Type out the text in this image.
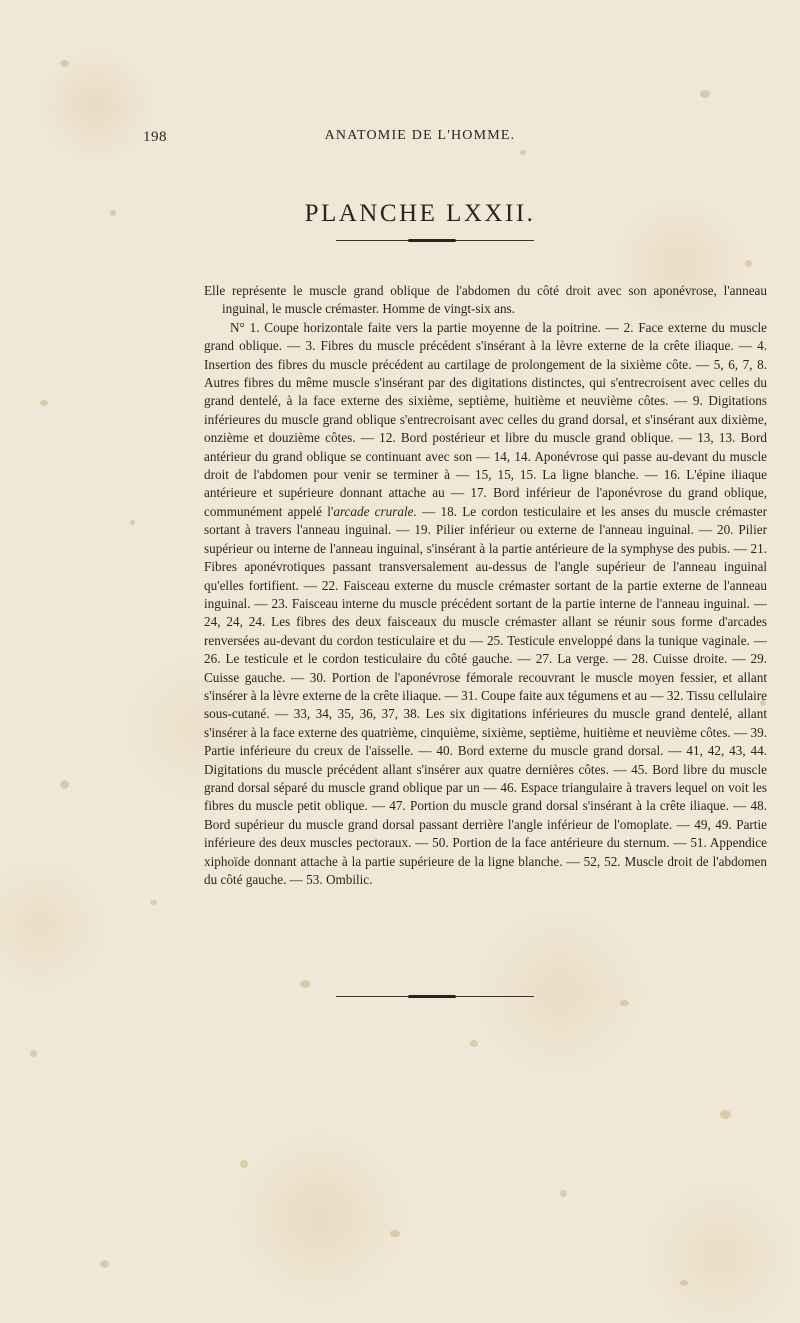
198	ANATOMIE DE L'HOMME.
PLANCHE LXXII.

Elle représente le muscle grand oblique de l'abdomen du côté droit avec son aponévrose, l'anneau inguinal, le muscle crémaster. Homme de vingt-six ans.

N° 1. Coupe horizontale faite vers la partie moyenne de la poitrine. — 2. Face externe du muscle grand oblique. — 3. Fibres du muscle précédent s'insérant à la lèvre externe de la crête iliaque. — 4. Insertion des fibres du muscle précédent au cartilage de prolongement de la sixième côte. — 5, 6, 7, 8. Autres fibres du même muscle s'insérant par des digitations distinctes, qui s'entrecroisent avec celles du grand dentelé, à la face externe des sixième, septième, huitième et neuvième côtes. — 9. Digitations inférieures du muscle grand oblique s'entrecroisant avec celles du grand dorsal, et s'insérant aux dixième, onzième et douzième côtes. — 12. Bord postérieur et libre du muscle grand oblique. — 13, 13. Bord antérieur du grand oblique se continuant avec son — 14, 14. Aponévrose qui passe au-devant du muscle droit de l'abdomen pour venir se terminer à — 15, 15, 15. La ligne blanche. — 16. L'épine iliaque antérieure et supérieure donnant attache au — 17. Bord inférieur de l'aponévrose du grand oblique, communément appelé l'arcade crurale. — 18. Le cordon testiculaire et les anses du muscle crémaster sortant à travers l'anneau inguinal. — 19. Pilier inférieur ou externe de l'anneau inguinal. — 20. Pilier supérieur ou interne de l'anneau inguinal, s'insérant à la partie antérieure de la symphyse des pubis. — 21. Fibres aponévrotiques passant transversalement au-dessus de l'angle supérieur de l'anneau inguinal qu'elles fortifient. — 22. Faisceau externe du muscle crémaster sortant de la partie externe de l'anneau inguinal. — 23. Faisceau interne du muscle précédent sortant de la partie interne de l'anneau inguinal. — 24, 24, 24. Les fibres des deux faisceaux du muscle crémaster allant se réunir sous forme d'arcades renversées au-devant du cordon testiculaire et du — 25. Testicule enveloppé dans la tunique vaginale. — 26. Le testicule et le cordon testiculaire du côté gauche. — 27. La verge. — 28. Cuisse droite. — 29. Cuisse gauche. — 30. Portion de l'aponévrose fémorale recouvrant le muscle moyen fessier, et allant s'insérer à la lèvre externe de la crête iliaque. — 31. Coupe faite aux tégumens et au — 32. Tissu cellulaire sous-cutané. — 33, 34, 35, 36, 37, 38. Les six digitations inférieures du muscle grand dentelé, allant s'insérer à la face externe des quatrième, cinquième, sixième, septième, huitième et neuvième côtes. — 39. Partie inférieure du creux de l'aisselle. — 40. Bord externe du muscle grand dorsal. — 41, 42, 43, 44. Digitations du muscle précédent allant s'insérer aux quatre dernières côtes. — 45. Bord libre du muscle grand dorsal séparé du muscle grand oblique par un — 46. Espace triangulaire à travers lequel on voit les fibres du muscle petit oblique. — 47. Portion du muscle grand dorsal s'insérant à la crête iliaque. — 48. Bord supérieur du muscle grand dorsal passant derrière l'angle inférieur de l'omoplate. — 49, 49. Partie inférieure des deux muscles pectoraux. — 50. Portion de la face antérieure du sternum. — 51. Appendice xiphoïde donnant attache à la partie supérieure de la ligne blanche. — 52, 52. Muscle droit de l'abdomen du côté gauche. — 53. Ombilic.
